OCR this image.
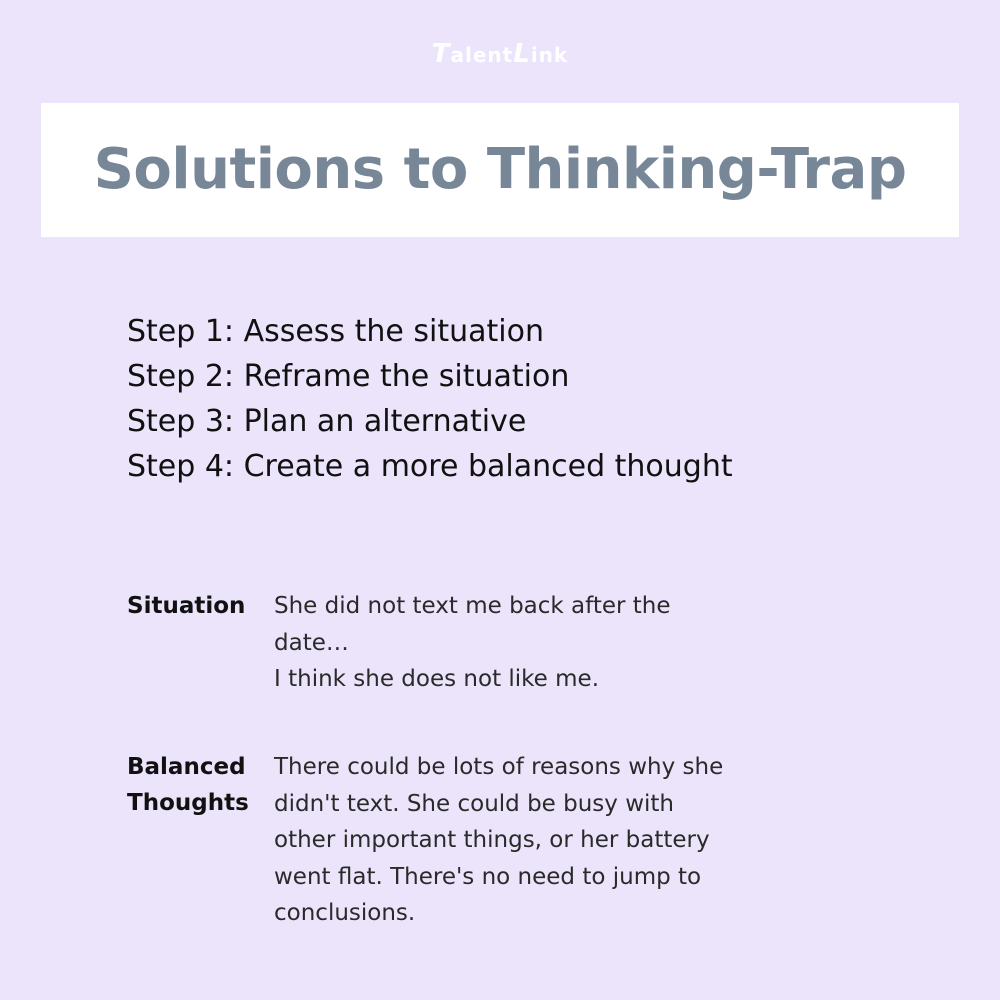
TalentLink
Solutions to Thinking-Trap
Step 1: Assess the situation
Step 2: Reframe the situation
Step 3: Plan an alternative
Step 4: Create a more balanced thought
Situation	She did not text me back after the date…
I think she does not like me.
Balanced
Thoughts
There could be lots of reasons why she
didn't text. She could be busy with
other important things, or her battery
went flat. There's no need to jump to
conclusions.
